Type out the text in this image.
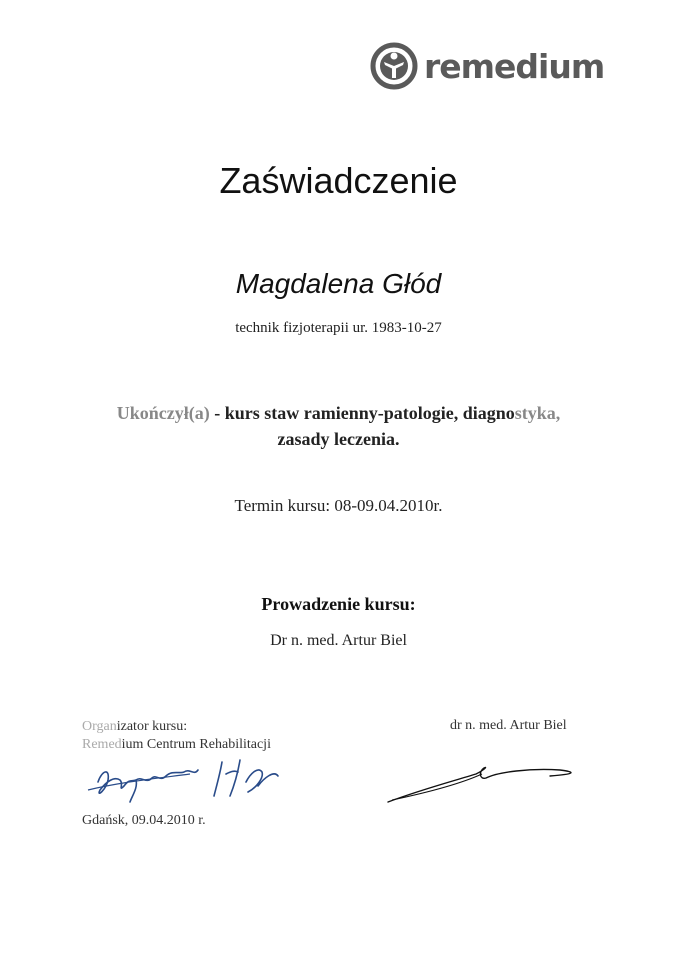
remedium
Zaświadczenie
Magdalena Głód
technik fizjoterapii ur. 1983-10-27
Ukończył(a) - kurs staw ramienny-patologie, diagnostyka,
zasady leczenia.
Termin kursu: 08-09.04.2010r.
Prowadzenie kursu:
Dr n. med. Artur Biel
Organizator kursu:
Remedium Centrum Rehabilitacji
dr n. med. Artur Biel
Gdańsk, 09.04.2010 r.
